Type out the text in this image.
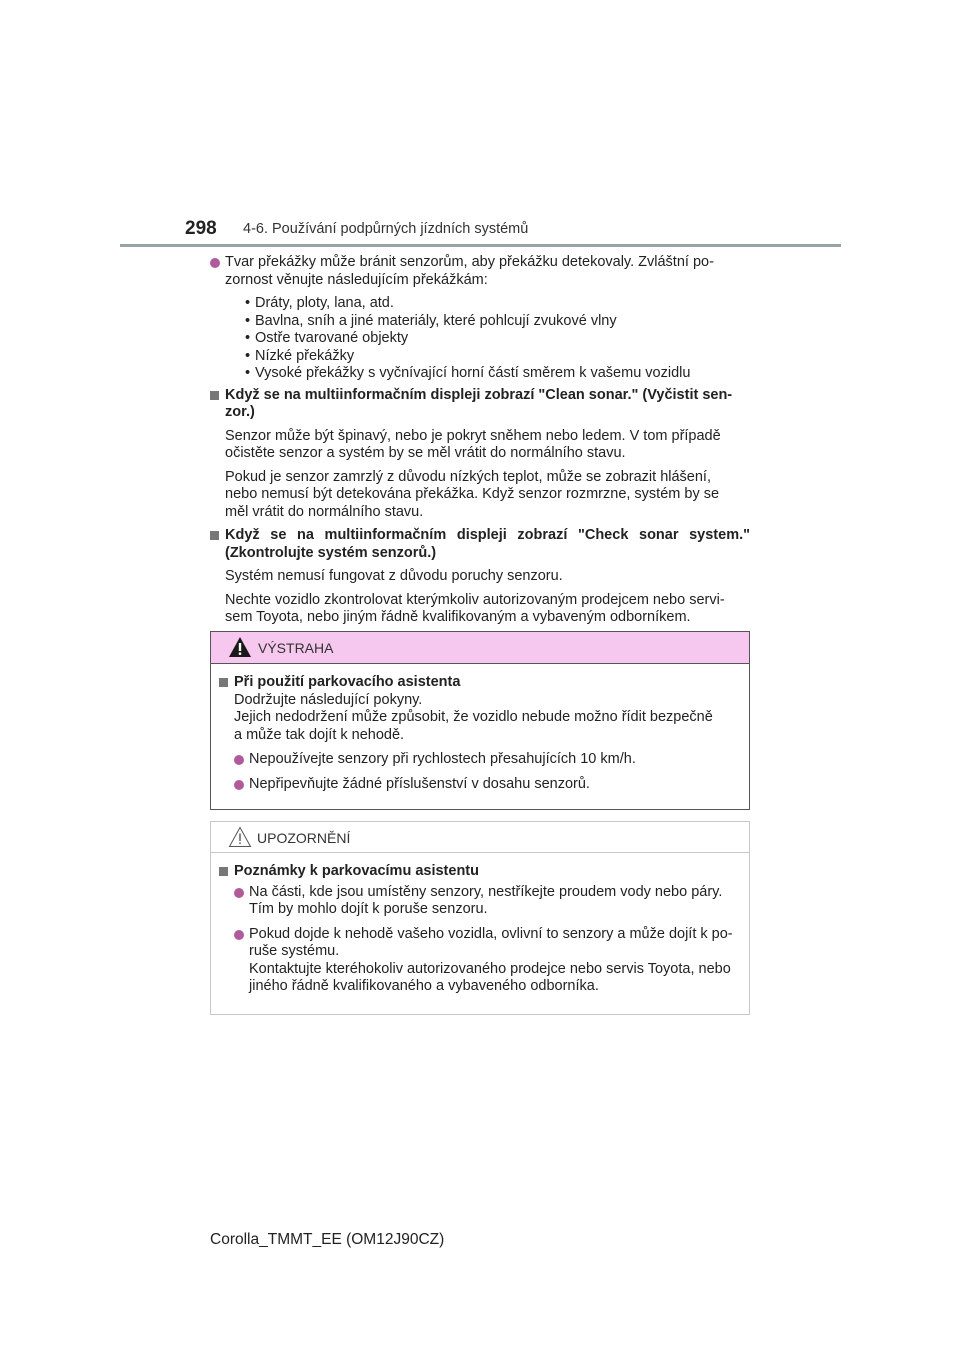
298 4-6. Používání podpůrných jízdních systémů
Tvar překážky může bránit senzorům, aby překážku detekovaly. Zvláštní po-
zornost věnujte následujícím překážkám:
• Dráty, ploty, lana, atd.
• Bavlna, sníh a jiné materiály, které pohlcují zvukové vlny
• Ostře tvarované objekty
• Nízké překážky
• Vysoké překážky s vyčnívající horní částí směrem k vašemu vozidlu
Když se na multiinformačním displeji zobrazí "Clean sonar." (Vyčistit sen-
zor.)
Senzor může být špinavý, nebo je pokryt sněhem nebo ledem. V tom případě
očistěte senzor a systém by se měl vrátit do normálního stavu.
Pokud je senzor zamrzlý z důvodu nízkých teplot, může se zobrazit hlášení,
nebo nemusí být detekována překážka. Když senzor rozmrzne, systém by se
měl vrátit do normálního stavu.
Když se na multiinformačním displeji zobrazí "Check sonar system."
(Zkontrolujte systém senzorů.)
Systém nemusí fungovat z důvodu poruchy senzoru.
Nechte vozidlo zkontrolovat kterýmkoliv autorizovaným prodejcem nebo servi-
sem Toyota, nebo jiným řádně kvalifikovaným a vybaveným odborníkem.
VÝSTRAHA
Při použití parkovacího asistenta
Dodržujte následující pokyny.
Jejich nedodržení může způsobit, že vozidlo nebude možno řídit bezpečně
a může tak dojít k nehodě.
Nepoužívejte senzory při rychlostech přesahujících 10 km/h.
Nepřipevňujte žádné příslušenství v dosahu senzorů.
UPOZORNĚNÍ
Poznámky k parkovacímu asistentu
Na části, kde jsou umístěny senzory, nestříkejte proudem vody nebo páry.
Tím by mohlo dojít k poruše senzoru.
Pokud dojde k nehodě vašeho vozidla, ovlivní to senzory a může dojít k po-
ruše systému.
Kontaktujte kteréhokoliv autorizovaného prodejce nebo servis Toyota, nebo
jiného řádně kvalifikovaného a vybaveného odborníka.
Corolla_TMMT_EE (OM12J90CZ)
